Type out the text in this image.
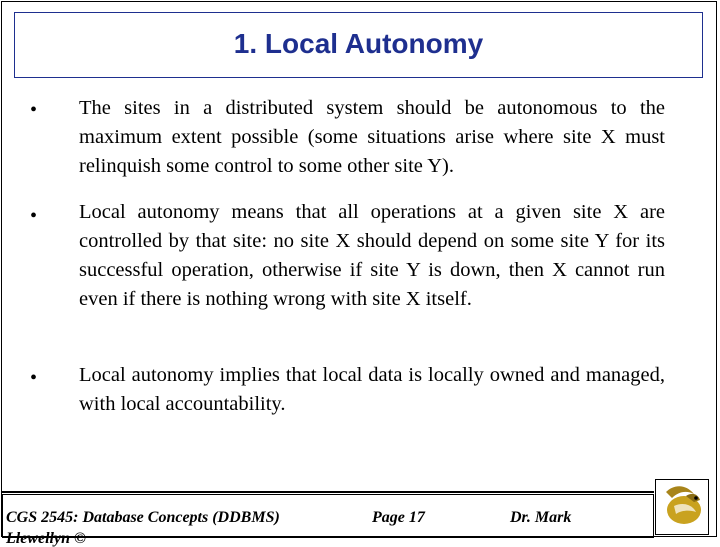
1. Local Autonomy
• The sites in a distributed system should be autonomous to the maximum extent possible (some situations arise where site X must relinquish some control to some other site Y).

• Local autonomy means that all operations at a given site X are controlled by that site: no site X should depend on some site Y for its successful operation, otherwise if site Y is down, then X cannot run even if there is nothing wrong with site X itself.

• Local autonomy implies that local data is locally owned and managed, with local accountability.

CGS 2545: Database Concepts (DDBMS)	Page 17	Dr. Mark
Llewellyn ©
